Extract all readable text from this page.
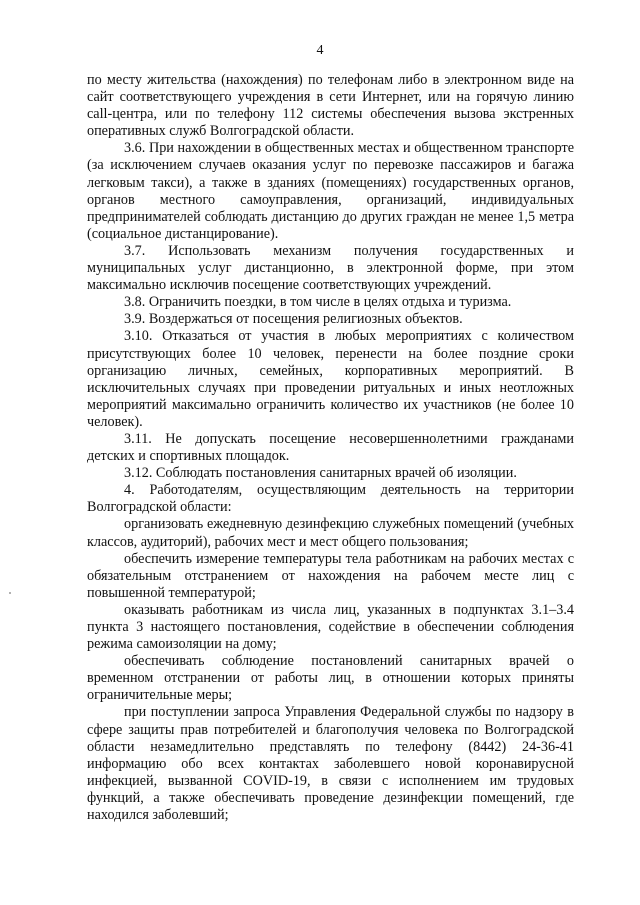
4

по месту жительства (нахождения) по телефонам либо в электронном виде на сайт соответствующего учреждения в сети Интернет, или на горячую линию call-центра, или по телефону 112 системы обеспечения вызова экстренных оперативных служб Волгоградской области.

3.6. При нахождении в общественных местах и общественном транспорте (за исключением случаев оказания услуг по перевозке пассажиров и багажа легковым такси), а также в зданиях (помещениях) государственных органов, органов местного самоуправления, организаций, индивидуальных предпринимателей соблюдать дистанцию до других граждан не менее 1,5 метра (социальное дистанцирование).

3.7. Использовать механизм получения государственных и муниципальных услуг дистанционно, в электронной форме, при этом максимально исключив посещение соответствующих учреждений.

3.8. Ограничить поездки, в том числе в целях отдыха и туризма.

3.9. Воздержаться от посещения религиозных объектов.

3.10. Отказаться от участия в любых мероприятиях с количеством присутствующих более 10 человек, перенести на более поздние сроки организацию личных, семейных, корпоративных мероприятий. В исключительных случаях при проведении ритуальных и иных неотложных мероприятий максимально ограничить количество их участников (не более 10 человек).

3.11. Не допускать посещение несовершеннолетними гражданами детских и спортивных площадок.

3.12. Соблюдать постановления санитарных врачей об изоляции.

4. Работодателям, осуществляющим деятельность на территории Волгоградской области:

организовать ежедневную дезинфекцию служебных помещений (учебных классов, аудиторий), рабочих мест и мест общего пользования;

обеспечить измерение температуры тела работникам на рабочих местах с обязательным отстранением от нахождения на рабочем месте лиц с повышенной температурой;

оказывать работникам из числа лиц, указанных в подпунктах 3.1–3.4 пункта 3 настоящего постановления, содействие в обеспечении соблюдения режима самоизоляции на дому;

обеспечивать соблюдение постановлений санитарных врачей о временном отстранении от работы лиц, в отношении которых приняты ограничительные меры;

при поступлении запроса Управления Федеральной службы по надзору в сфере защиты прав потребителей и благополучия человека по Волгоградской области незамедлительно представлять по телефону (8442) 24-36-41 информацию обо всех контактах заболевшего новой коронавирусной инфекцией, вызванной COVID-19, в связи с исполнением им трудовых функций, а также обеспечивать проведение дезинфекции помещений, где находился заболевший;
